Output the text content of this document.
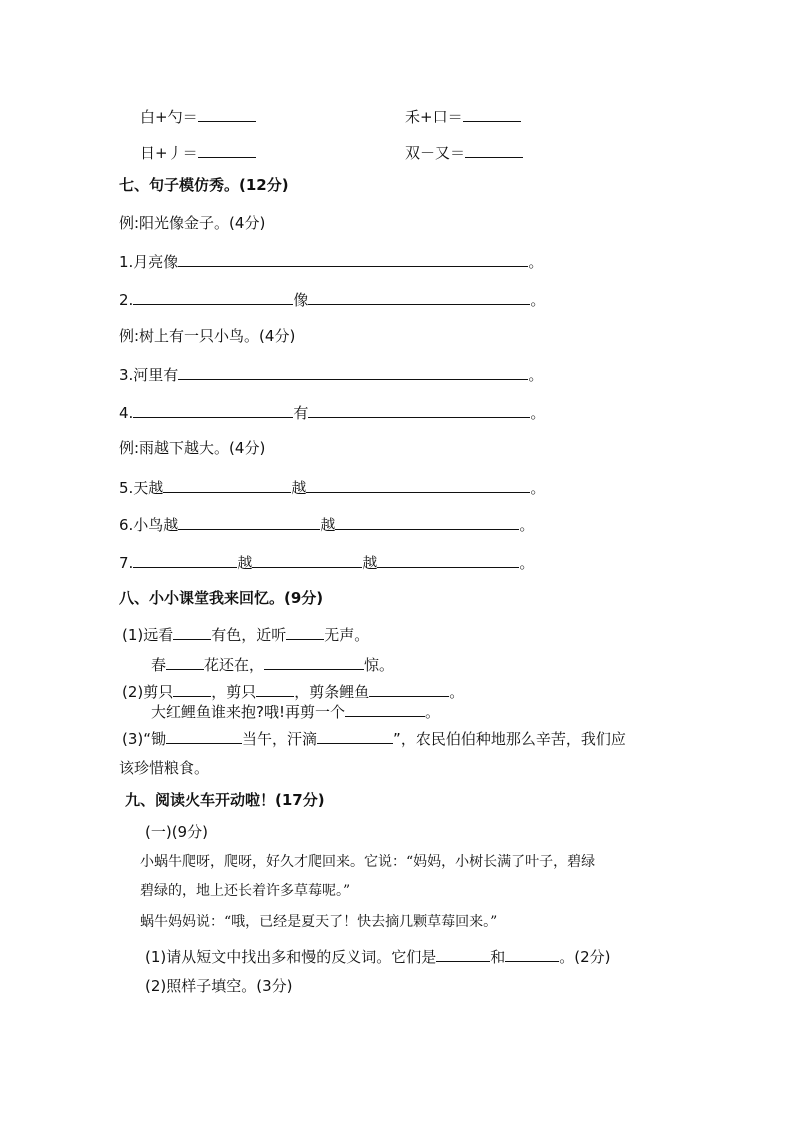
白+勺＝	禾+口＝
日+丿＝	双－又＝
七、句子模仿秀。(12分)
例:阳光像金子。(4分)
1.月亮像	。
2.	像	。
例:树上有一只小鸟。(4分)
3.河里有	。
4.	有	。
例:雨越下越大。(4分)
5.天越	越	。
6.小鸟越	越	。
7.	越	越	。
八、小小课堂我来回忆。(9分)
(1)远看	有色，近听	无声。
春	花还在，	惊。
(2)剪只	，剪只	，剪条鲤鱼	。
大红鲤鱼谁来抱?哦!再剪一个	。
(3)“锄	当午，汗滴	”，农民伯伯种地那么辛苦，我们应
该珍惜粮食。
九、阅读火车开动啦！(17分)
(一)(9分)
小蜗牛爬呀，爬呀，好久才爬回来。它说：“妈妈，小树长满了叶子，碧绿
碧绿的，地上还长着许多草莓呢。”
蜗牛妈妈说：“哦，已经是夏天了！快去摘几颗草莓回来。”
(1)请从短文中找出多和慢的反义词。它们是	和	。(2分)
(2)照样子填空。(3分)
